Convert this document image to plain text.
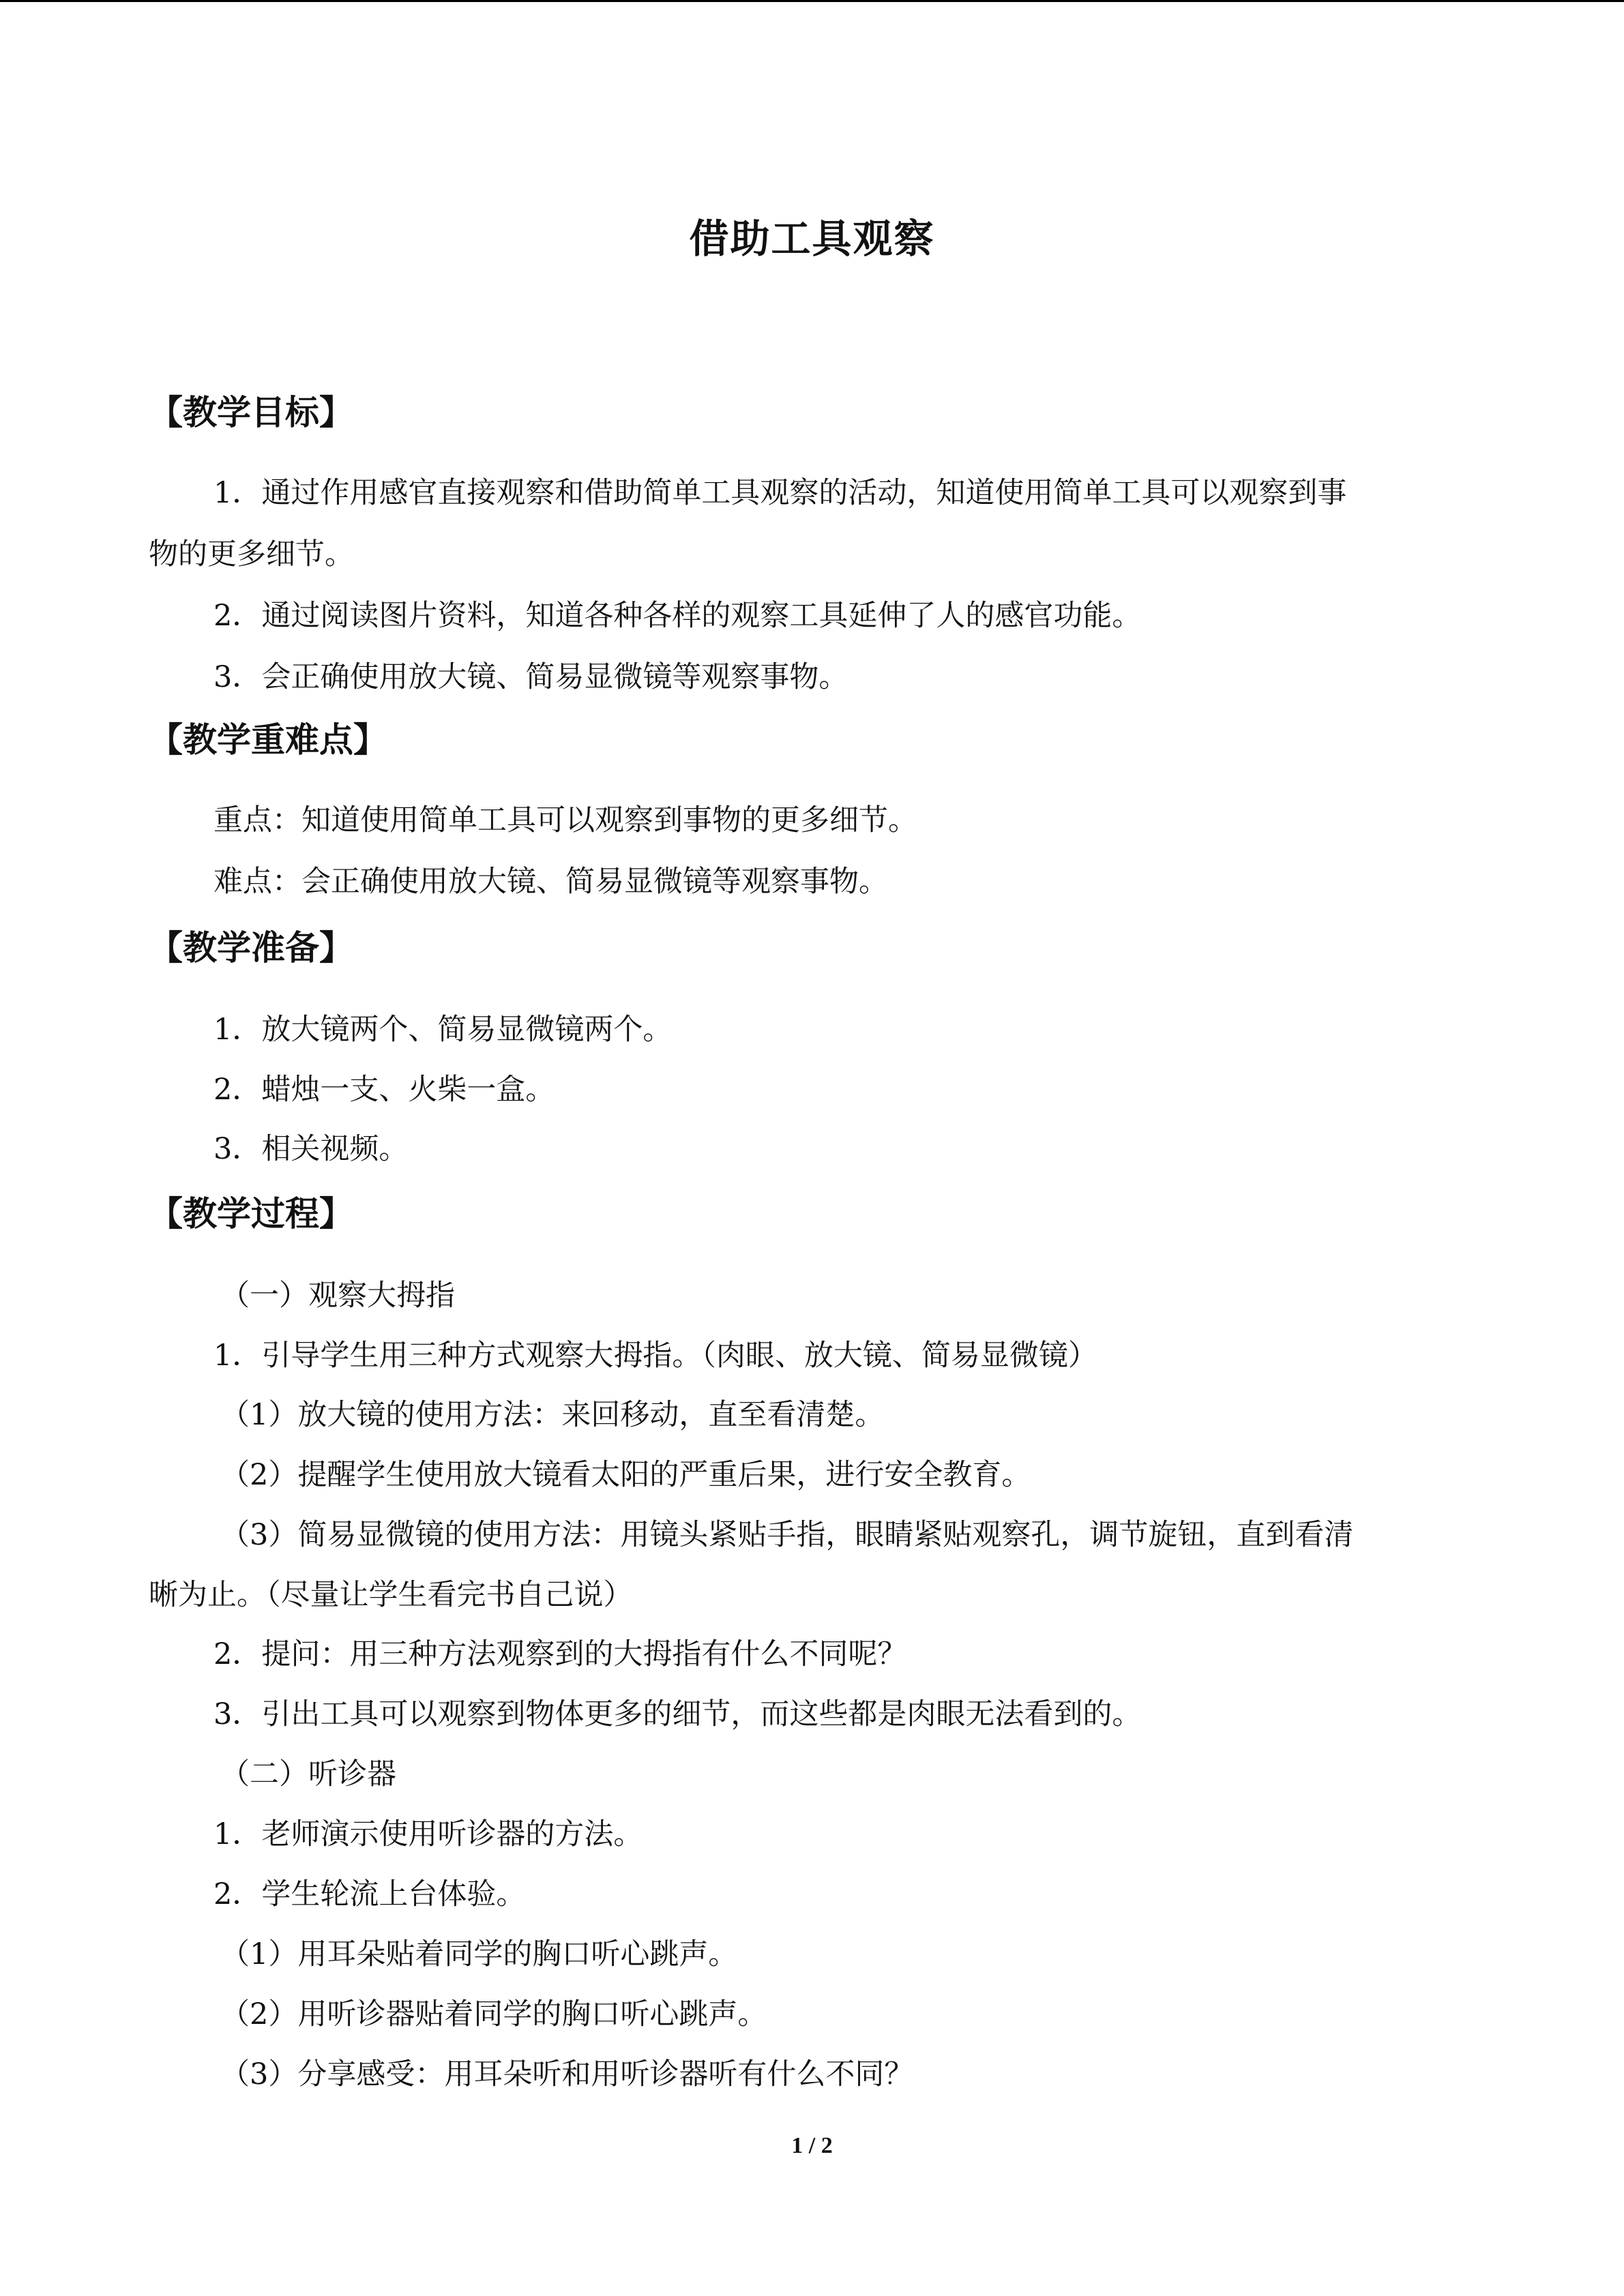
借助工具观察
【教学目标】
1．通过作用感官直接观察和借助简单工具观察的活动，知道使用简单工具可以观察到事
物的更多细节。
2．通过阅读图片资料，知道各种各样的观察工具延伸了人的感官功能。
3．会正确使用放大镜、简易显微镜等观察事物。
【教学重难点】
重点：知道使用简单工具可以观察到事物的更多细节。
难点：会正确使用放大镜、简易显微镜等观察事物。
【教学准备】
1．放大镜两个、简易显微镜两个。
2．蜡烛一支、火柴一盒。
3．相关视频。
【教学过程】
（一）观察大拇指
1．引导学生用三种方式观察大拇指。（肉眼、放大镜、简易显微镜）
（1）放大镜的使用方法：来回移动，直至看清楚。
（2）提醒学生使用放大镜看太阳的严重后果，进行安全教育。
（3）简易显微镜的使用方法：用镜头紧贴手指，眼睛紧贴观察孔，调节旋钮，直到看清
晰为止。（尽量让学生看完书自己说）
2．提问：用三种方法观察到的大拇指有什么不同呢？
3．引出工具可以观察到物体更多的细节，而这些都是肉眼无法看到的。
（二）听诊器
1．老师演示使用听诊器的方法。
2．学生轮流上台体验。
（1）用耳朵贴着同学的胸口听心跳声。
（2）用听诊器贴着同学的胸口听心跳声。
（3）分享感受：用耳朵听和用听诊器听有什么不同？
1 / 2
